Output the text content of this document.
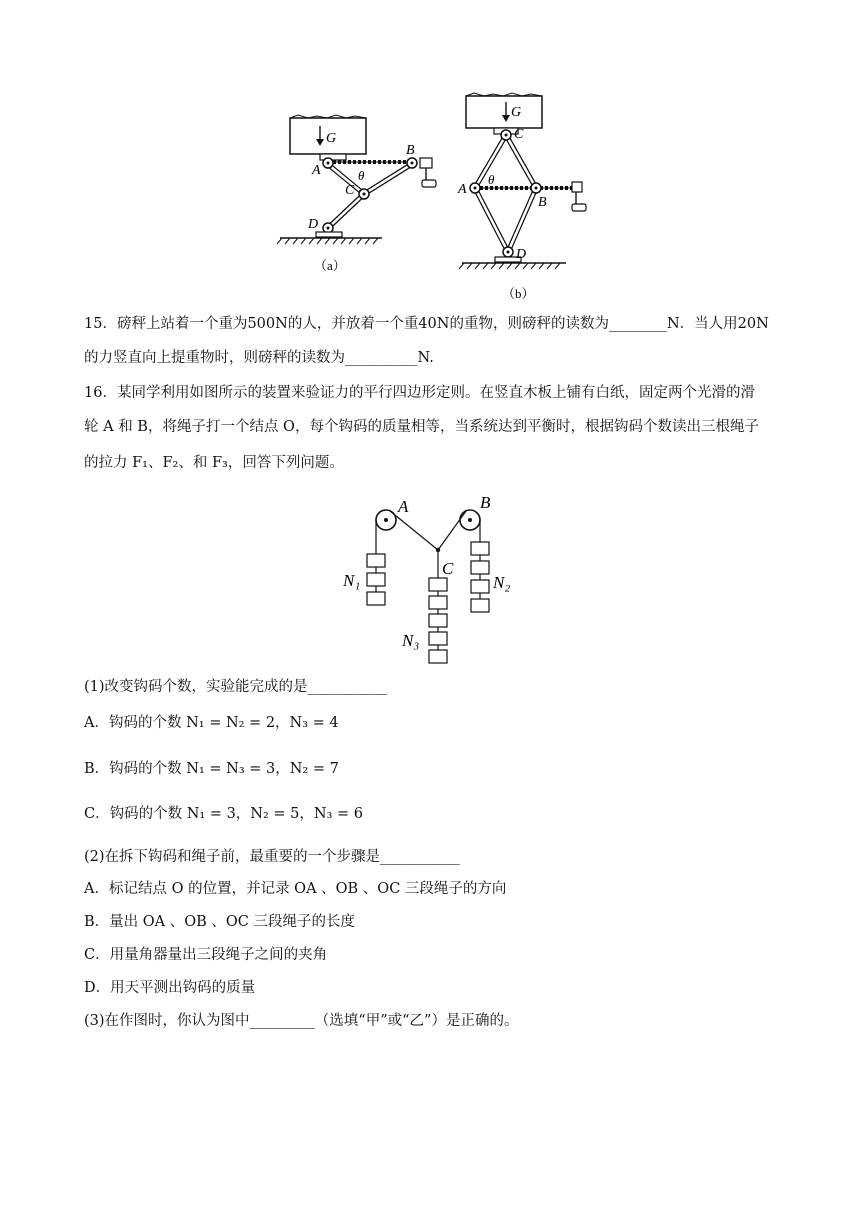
G
A
B
C
D
θ
（a）
G
C
A
B
D
θ
（b）
15．磅秤上站着一个重为500N的人，并放着一个重40N的重物，则磅秤的读数为________N．当人用20N
的力竖直向上提重物时，则磅秤的读数为__________N.
16．某同学利用如图所示的装置来验证力的平行四边形定则。在竖直木板上铺有白纸，固定两个光滑的滑
轮 A 和 B，将绳子打一个结点 O，每个钩码的质量相等，当系统达到平衡时，根据钩码个数读出三根绳子
的拉力 F₁、F₂、和 F₃，回答下列问题。
A	B
C
N₁	N₂
N₃
(1)改变钩码个数，实验能完成的是___________
A．钩码的个数 N₁ = N₂ = 2，N₃ = 4
B．钩码的个数 N₁ = N₃ = 3，N₂ = 7
C．钩码的个数 N₁ = 3，N₂ = 5，N₃ = 6
(2)在拆下钩码和绳子前，最重要的一个步骤是___________
A．标记结点 O 的位置，并记录 OA 、OB 、OC 三段绳子的方向
B．量出 OA 、OB 、OC 三段绳子的长度
C．用量角器量出三段绳子之间的夹角
D．用天平测出钩码的质量
(3)在作图时，你认为图中_________（选填“甲”或“乙”）是正确的。
